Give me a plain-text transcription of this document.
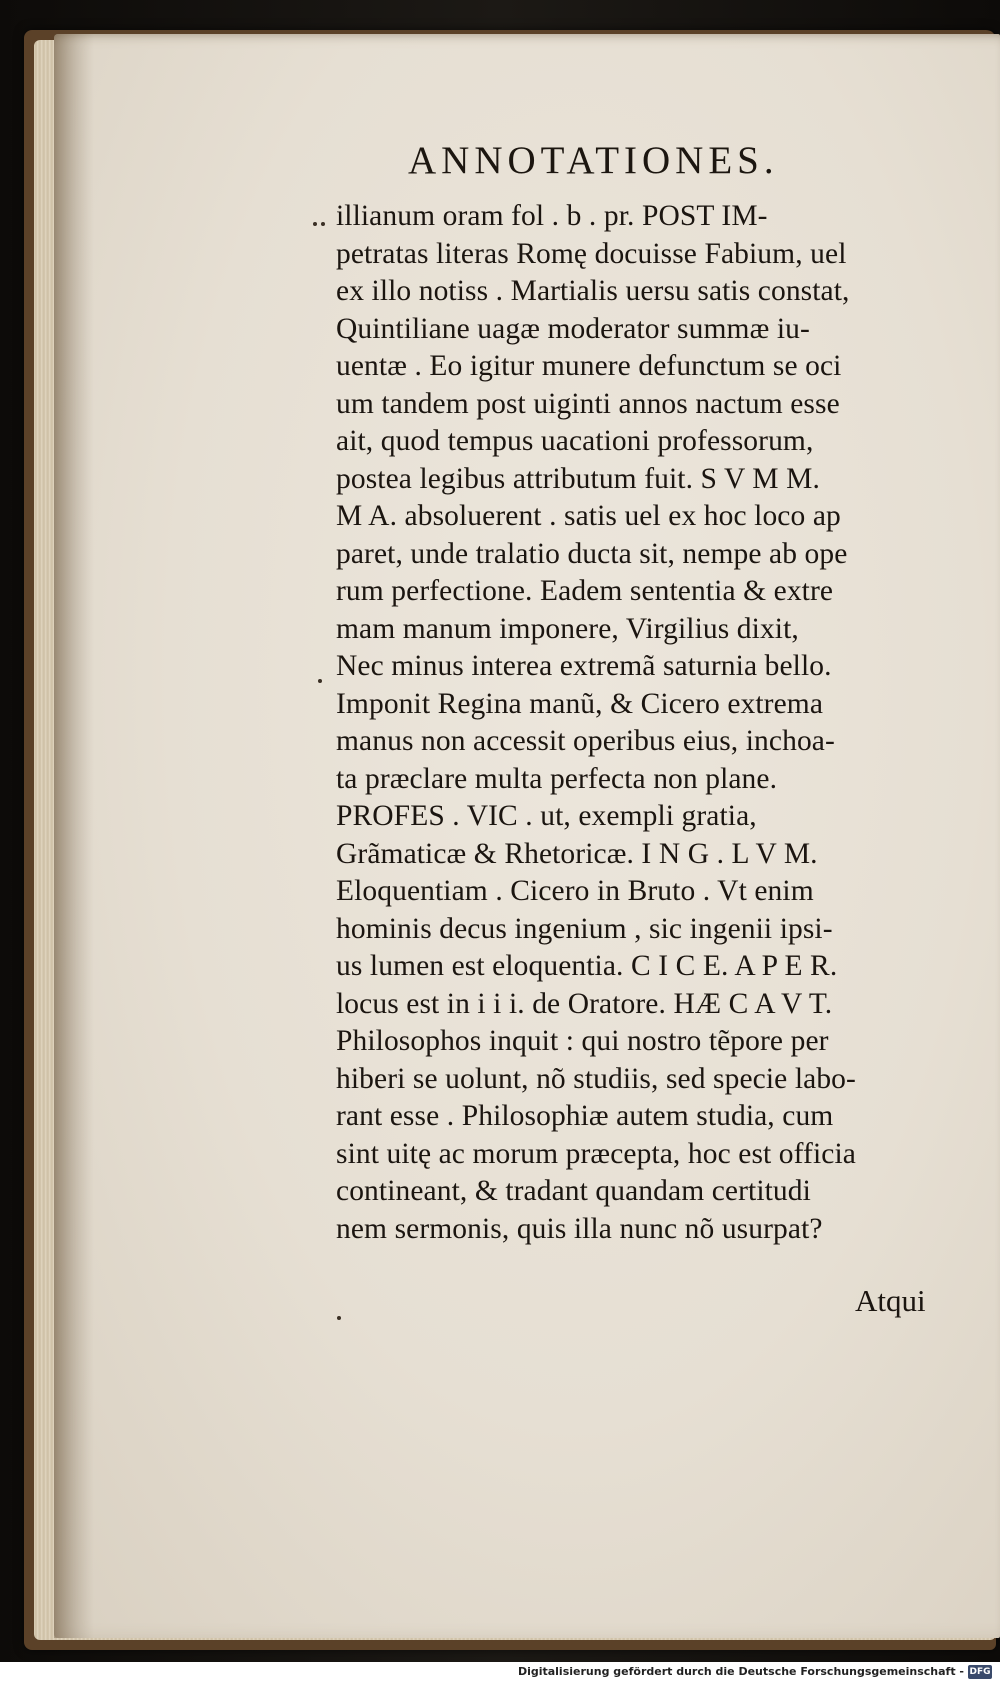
ANNOTATIONES.
illianum oram fol . b . pr. POST IM-
petratas literas Romę docuisse Fabium, uel
ex illo notiss . Martialis uersu satis constat,
Quintiliane uagæ moderator summæ iu-
uentæ . Eo igitur munere defunctum se oci
um tandem post uiginti annos nactum esse
ait, quod tempus uacationi professorum,
postea legibus attributum fuit. S V M M.
M A. absoluerent . satis uel ex hoc loco ap
paret, unde tralatio ducta sit, nempe ab ope
rum perfectione. Eadem sententia & extre
mam manum imponere, Virgilius dixit,
Nec minus interea extremã saturnia bello.
Imponit Regina manũ, & Cicero extrema
manus non accessit operibus eius, inchoa-
ta præclare multa perfecta non plane.
PROFES . VIC . ut, exempli gratia,
Grãmaticæ & Rhetoricæ. I N G . L V M.
Eloquentiam . Cicero in Bruto . Vt enim
hominis decus ingenium , sic ingenii ipsi-
us lumen est eloquentia. C I C E. A P E R.
locus est in i i i. de Oratore. HÆ C A V T.
Philosophos inquit : qui nostro tẽpore per
hiberi se uolunt, nõ studiis, sed specie labo-
rant esse . Philosophiæ autem studia, cum
sint uitę ac morum præcepta, hoc est officia
contineant, & tradant quandam certitudi
nem sermonis, quis illa nunc nõ usurpat?
Atqui
Digitalisierung gefördert durch die Deutsche Forschungsgemeinschaft - DFG
